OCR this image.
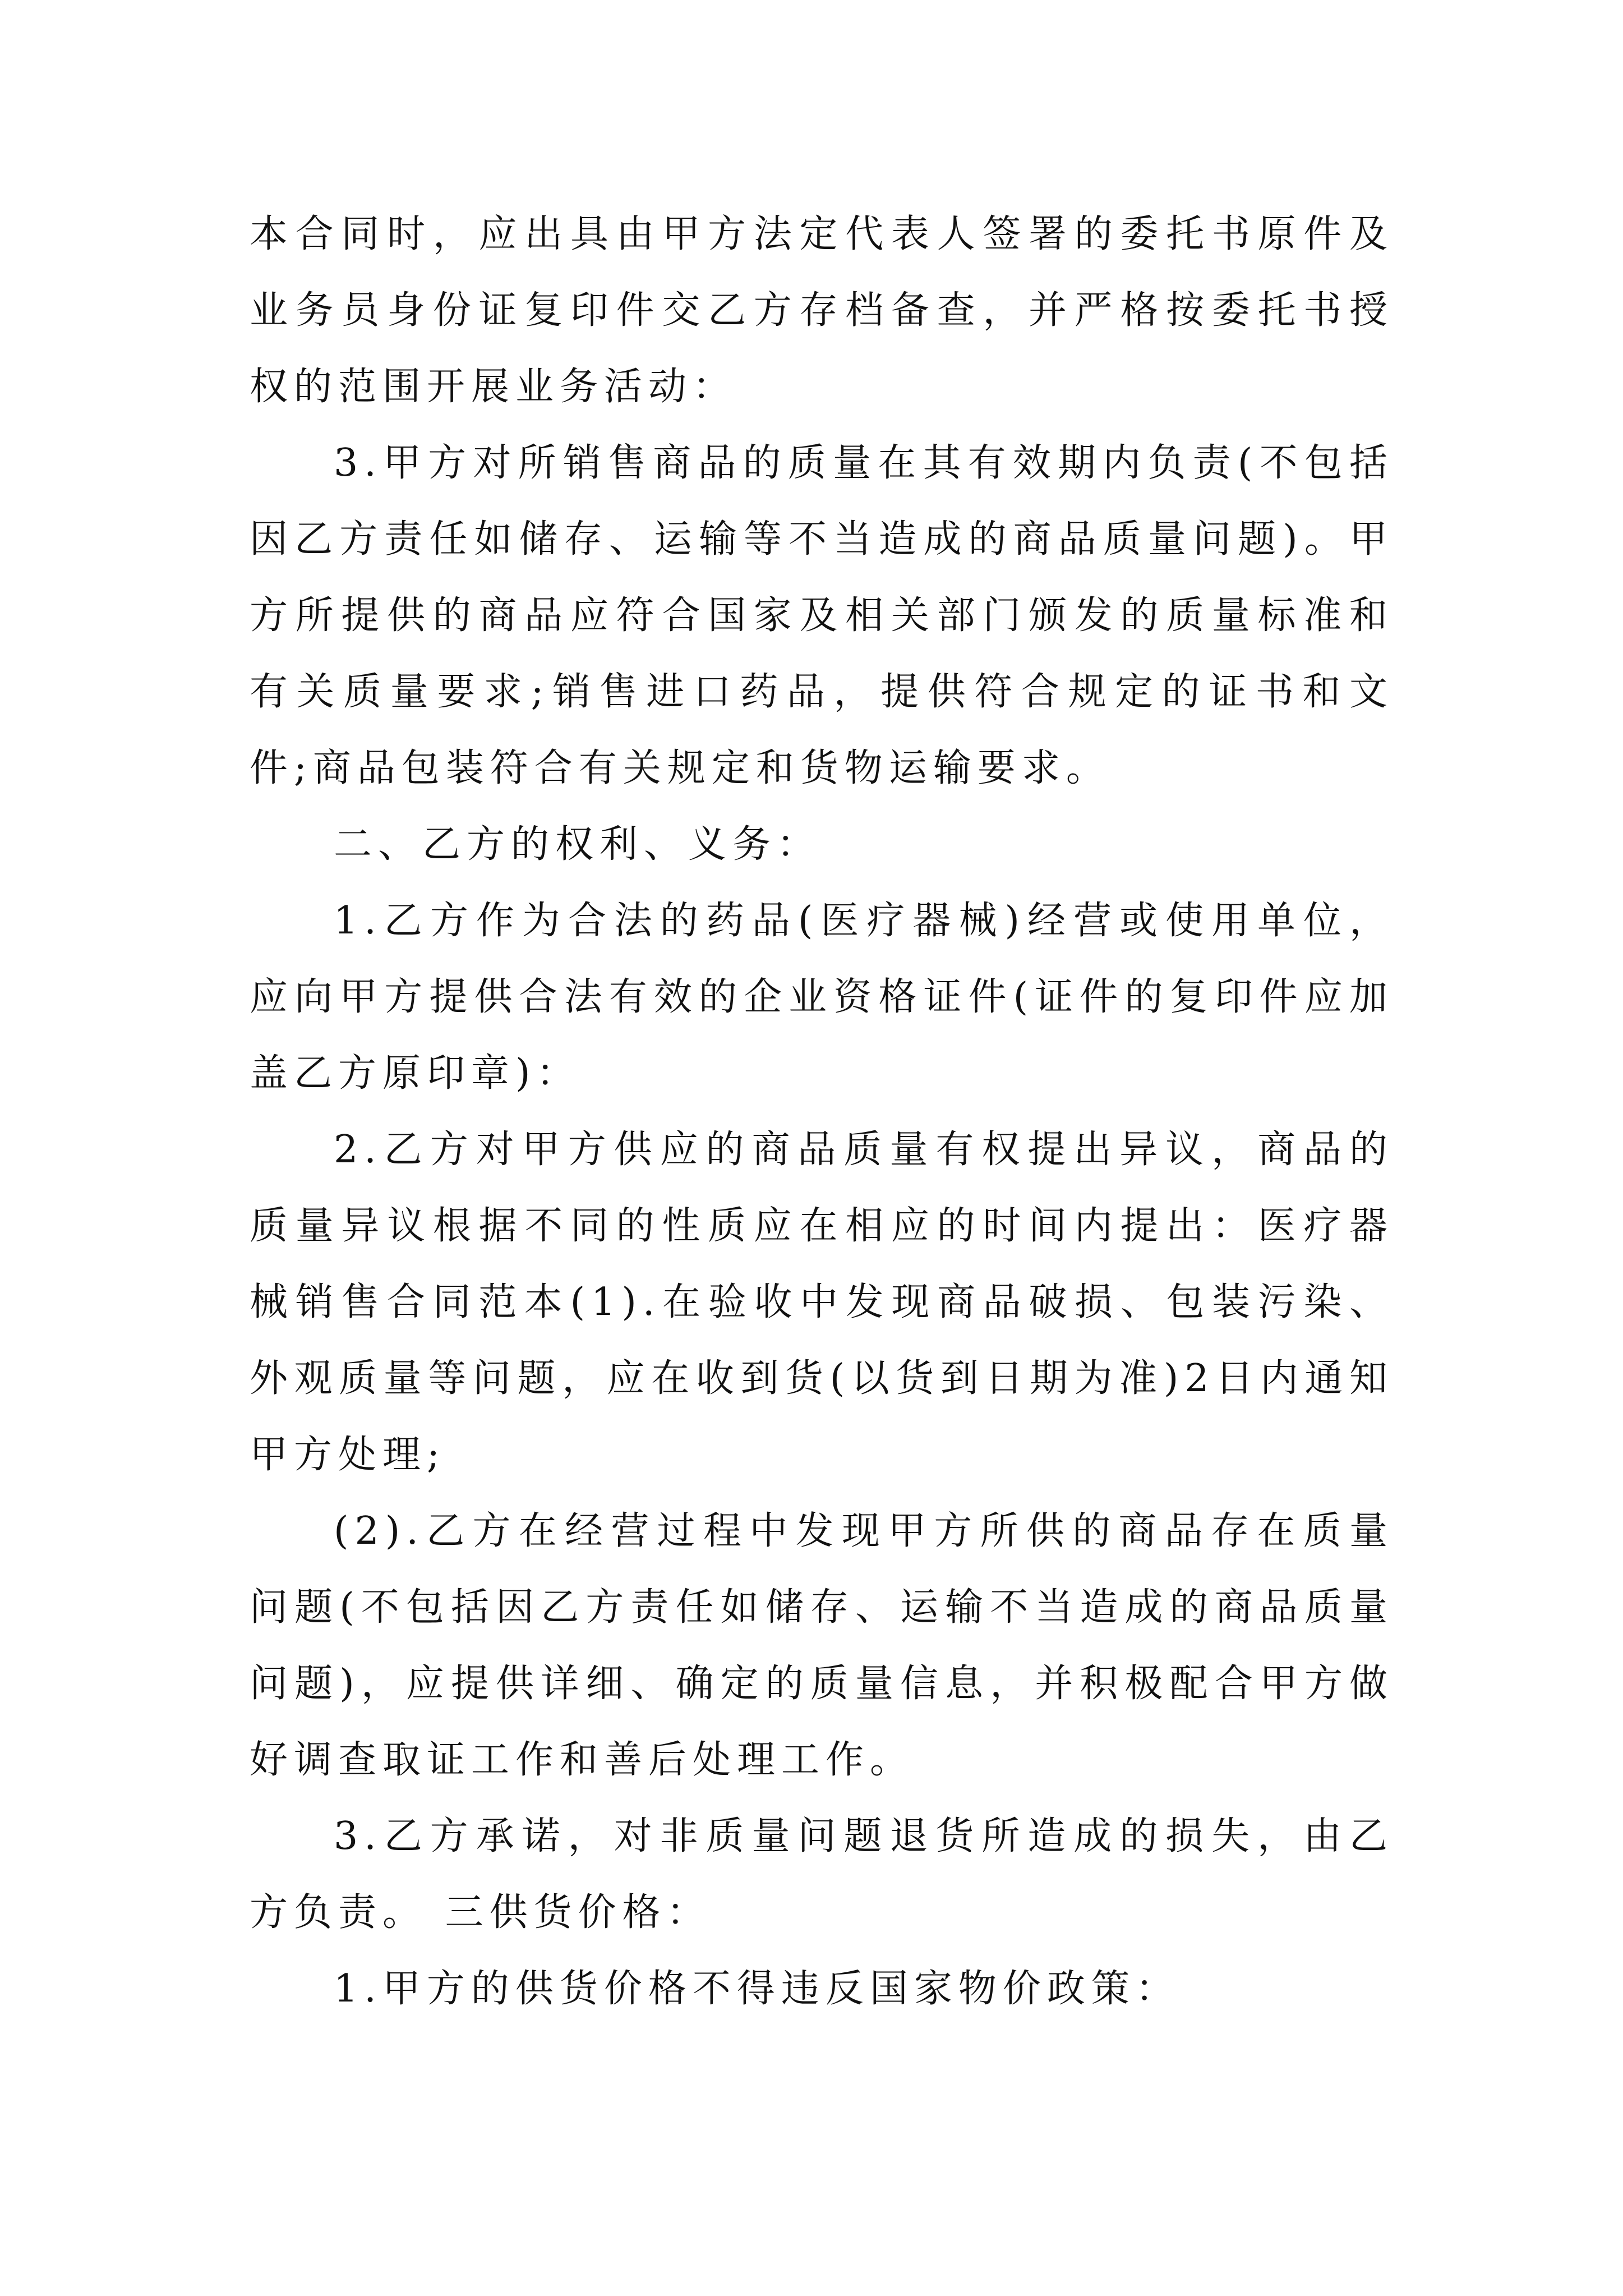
本合同时，应出具由甲方法定代表人签署的委托书原件及业务员身份证复印件交乙方存档备查，并严格按委托书授权的范围开展业务活动：

3.甲方对所销售商品的质量在其有效期内负责(不包括因乙方责任如储存、运输等不当造成的商品质量问题)。甲方所提供的商品应符合国家及相关部门颁发的质量标准和有关质量要求;销售进口药品，提供符合规定的证书和文件;商品包装符合有关规定和货物运输要求。

二、乙方的权利、义务：

1.乙方作为合法的药品(医疗器械)经营或使用单位，应向甲方提供合法有效的企业资格证件(证件的复印件应加盖乙方原印章)：

2.乙方对甲方供应的商品质量有权提出异议，商品的质量异议根据不同的性质应在相应的时间内提出：医疗器械销售合同范本(1).在验收中发现商品破损、包装污染、外观质量等问题，应在收到货(以货到日期为准)2日内通知甲方处理;

(2).乙方在经营过程中发现甲方所供的商品存在质量问题(不包括因乙方责任如储存、运输不当造成的商品质量问题)，应提供详细、确定的质量信息，并积极配合甲方做好调查取证工作和善后处理工作。

3.乙方承诺，对非质量问题退货所造成的损失，由乙方负责。 三供货价格：

1.甲方的供货价格不得违反国家物价政策：
